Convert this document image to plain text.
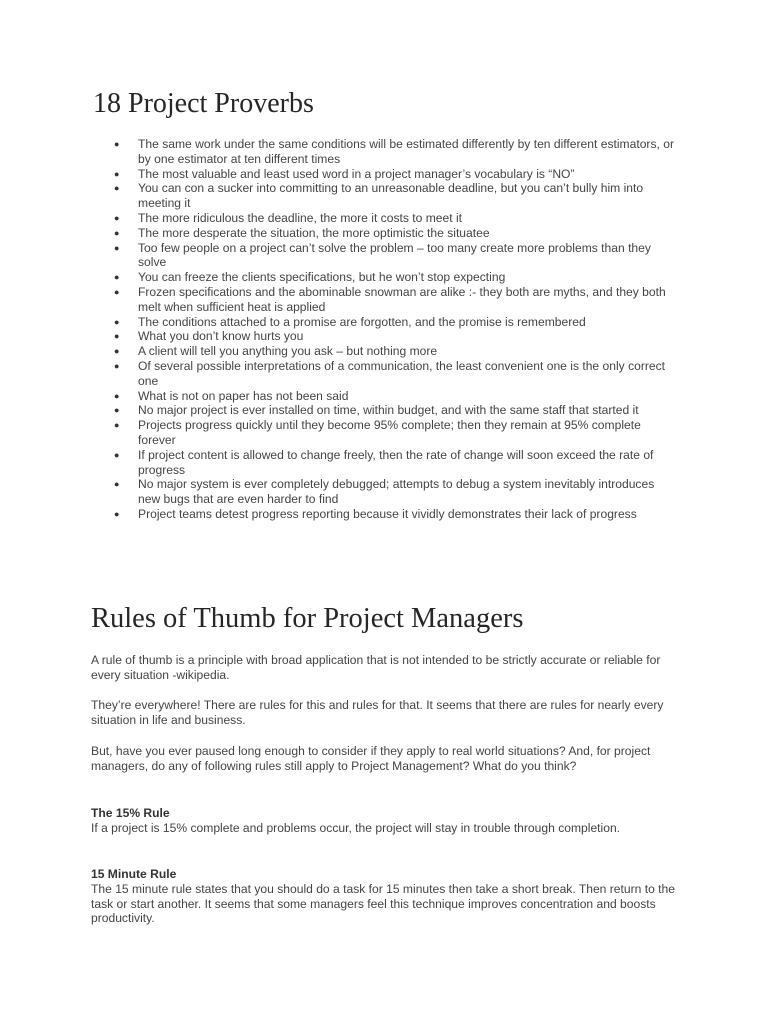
18 Project Proverbs
● The same work under the same conditions will be estimated differently by ten different estimators, or by one estimator at ten different times
● The most valuable and least used word in a project manager’s vocabulary is “NO”
● You can con a sucker into committing to an unreasonable deadline, but you can’t bully him into meeting it
● The more ridiculous the deadline, the more it costs to meet it
● The more desperate the situation, the more optimistic the situatee
● Too few people on a project can’t solve the problem – too many create more problems than they solve
● You can freeze the clients specifications, but he won’t stop expecting
● Frozen specifications and the abominable snowman are alike :- they both are myths, and they both melt when sufficient heat is applied
● The conditions attached to a promise are forgotten, and the promise is remembered
● What you don’t know hurts you
● A client will tell you anything you ask – but nothing more
● Of several possible interpretations of a communication, the least convenient one is the only correct one
● What is not on paper has not been said
● No major project is ever installed on time, within budget, and with the same staff that started it
● Projects progress quickly until they become 95% complete; then they remain at 95% complete forever
● If project content is allowed to change freely, then the rate of change will soon exceed the rate of progress
● No major system is ever completely debugged; attempts to debug a system inevitably introduces new bugs that are even harder to find
● Project teams detest progress reporting because it vividly demonstrates their lack of progress
Rules of Thumb for Project Managers

A rule of thumb is a principle with broad application that is not intended to be strictly accurate or reliable for every situation -wikipedia.

They’re everywhere! There are rules for this and rules for that. It seems that there are rules for nearly every situation in life and business.

But, have you ever paused long enough to consider if they apply to real world situations? And, for project managers, do any of following rules still apply to Project Management? What do you think?

The 15% Rule
If a project is 15% complete and problems occur, the project will stay in trouble through completion.
15 Minute Rule
The 15 minute rule states that you should do a task for 15 minutes then take a short break. Then return to the task or start another. It seems that some managers feel this technique improves concentration and boosts productivity.
